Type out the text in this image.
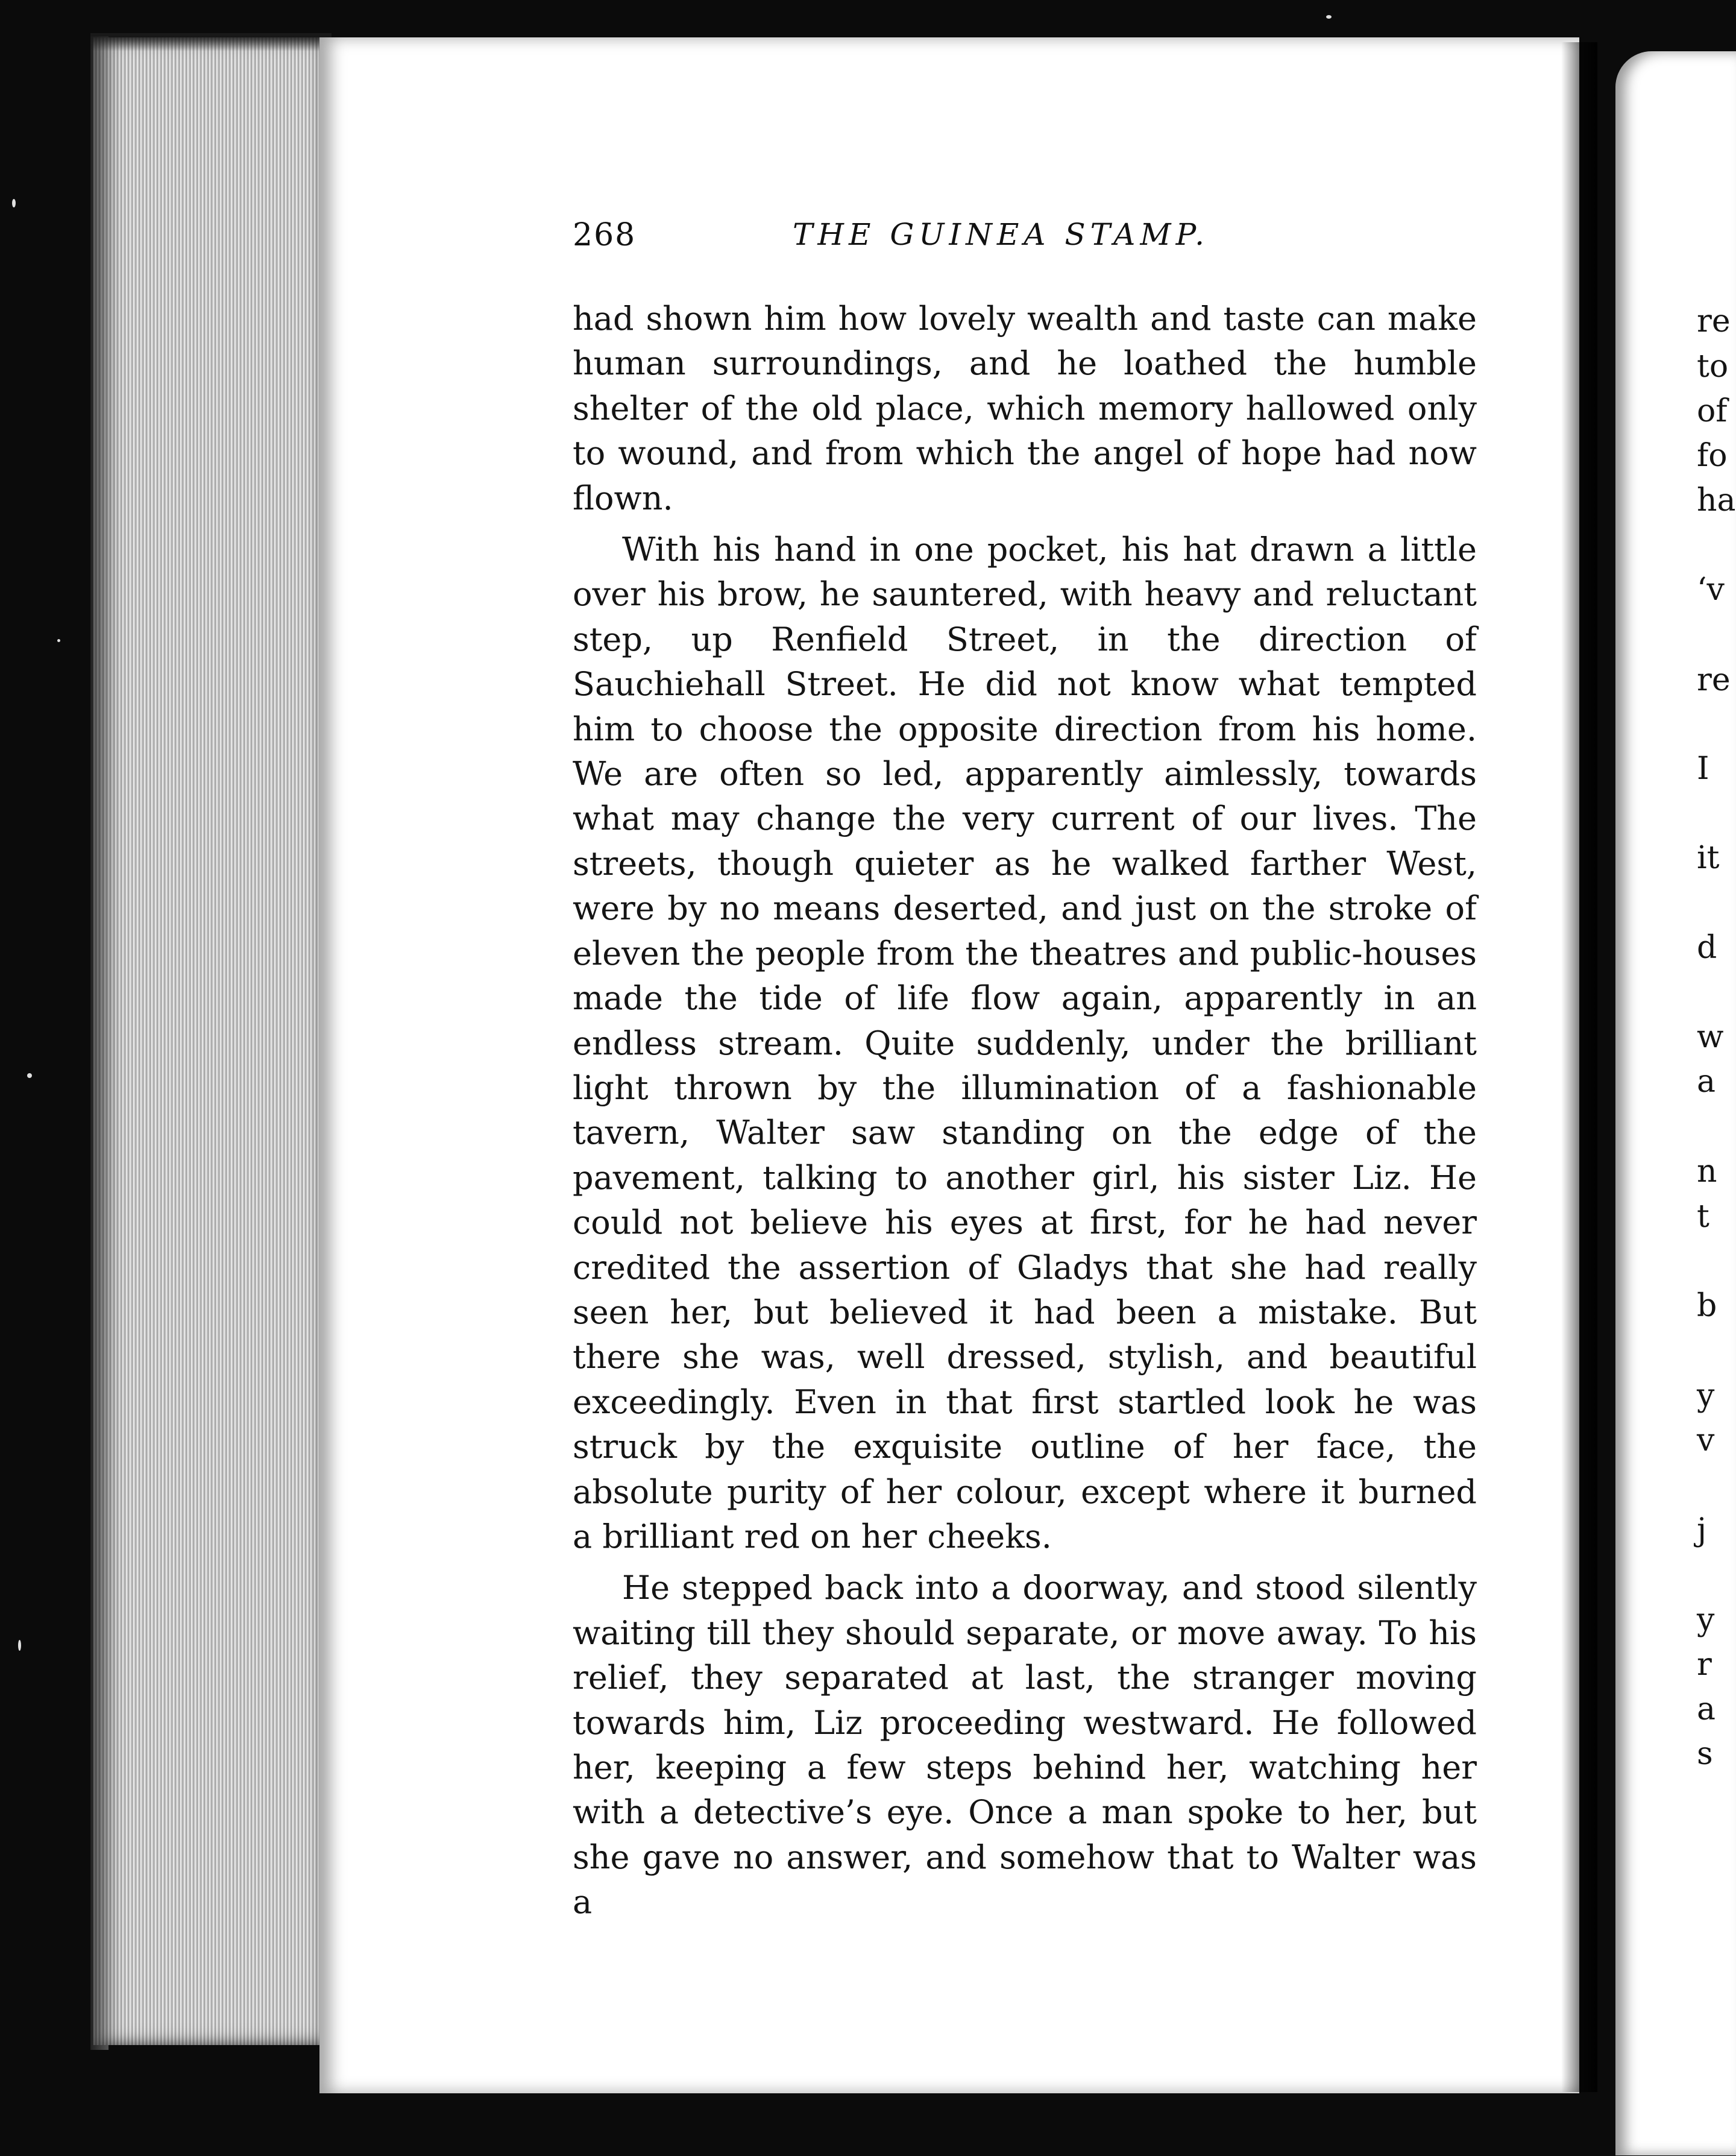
re
to
of
fo
ha
‘v
re
I
it
d
w
a
n
t
b
y
v
j
y
r
a
s
268	THE GUINEA STAMP.

had shown him how lovely wealth and taste can make human surroundings, and he loathed the humble shelter of the old place, which memory hallowed only to wound, and from which the angel of hope had now flown.

With his hand in one pocket, his hat drawn a little over his brow, he sauntered, with heavy and reluctant step, up Renfield Street, in the direction of Sauchiehall Street. He did not know what tempted him to choose the opposite direction from his home. We are often so led, apparently aimlessly, towards what may change the very current of our lives. The streets, though quieter as he walked farther West, were by no means deserted, and just on the stroke of eleven the people from the theatres and public-houses made the tide of life flow again, apparently in an endless stream. Quite suddenly, under the brilliant light thrown by the illumination of a fashionable tavern, Walter saw standing on the edge of the pavement, talking to another girl, his sister Liz. He could not believe his eyes at first, for he had never credited the assertion of Gladys that she had really seen her, but believed it had been a mistake. But there she was, well dressed, stylish, and beautiful exceedingly. Even in that first startled look he was struck by the exquisite outline of her face, the absolute purity of her colour, except where it burned a brilliant red on her cheeks.

He stepped back into a doorway, and stood silently waiting till they should separate, or move away. To his relief, they separated at last, the stranger moving towards him, Liz proceeding westward. He followed her, keeping a few steps behind her, watching her with a detective’s eye. Once a man spoke to her, but she gave no answer, and somehow that to Walter was a
